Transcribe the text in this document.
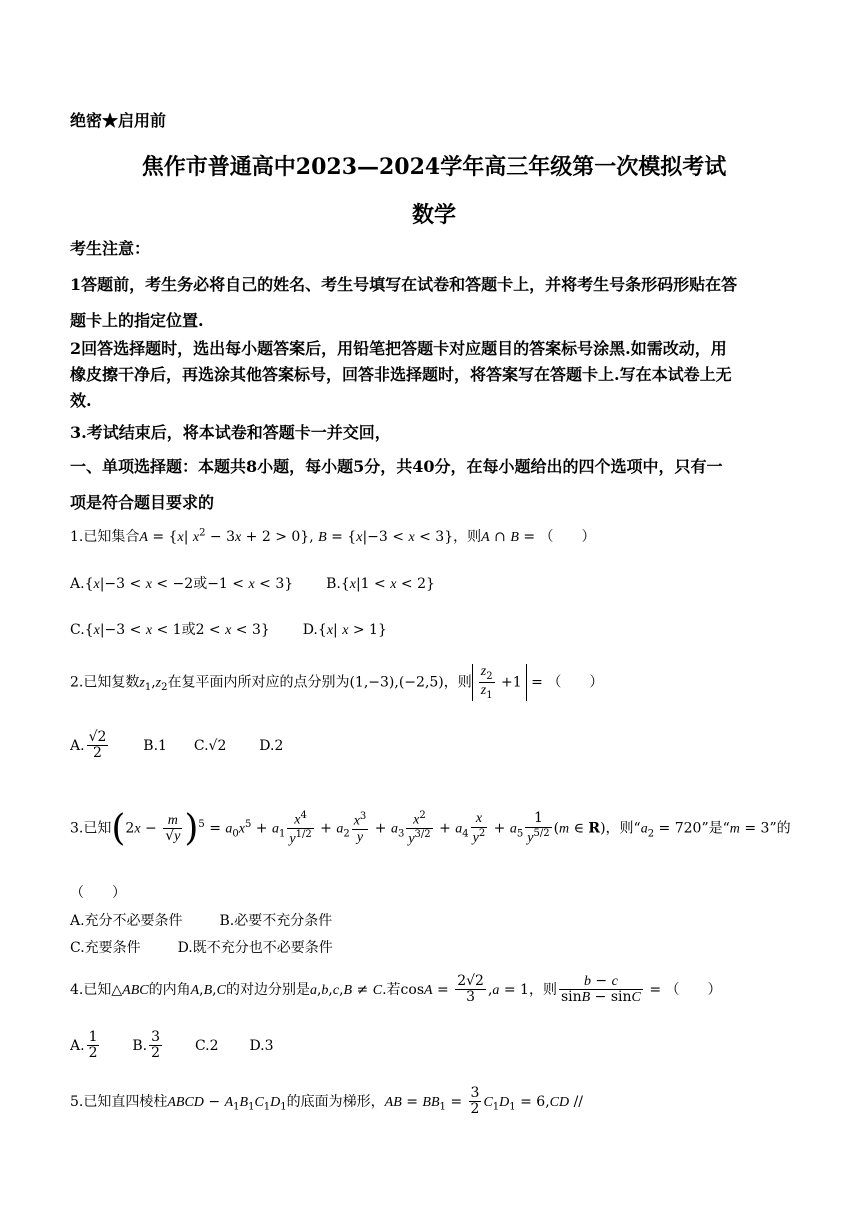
绝密★启用前
焦作市普通高中2023—2024学年高三年级第一次模拟考试
数学
考生注意：
1答题前，考生务必将自己的姓名、考生号填写在试卷和答题卡上，并将考生号条形码形贴在答
题卡上的指定位置.
2回答选择题时，选出每小题答案后，用铅笔把答题卡对应题目的答案标号涂黑.如需改动，用
橡皮擦干净后，再选涂其他答案标号，回答非选择题时，将答案写在答题卡上.写在本试卷上无
效.
3.考试结束后，将本试卷和答题卡一并交回，
一、单项选择题：本题共8小题，每小题5分，共40分，在每小题给出的四个选项中，只有一
项是符合题目要求的
1.已知集合A = {x| $x^2 - 3x + 2 > 0$}, B = {x|−3 < x < 3}，则A ∩ B = （　　）
A.{x|−3 < x < −2或−1 < x < 3}  B.{x|1 < x < 2}
C.{x|−3 < x < 1或2 < x < 3}  D.{x| x > 1}
2.已知复数$z_1,z_2$在复平面内所对应的点分别为(1,−3),(−2,5)，则 $\frac{z_2}{z_1} +1$ = （　　）
A. $\frac{√2}{2} B.1$ C.√2  D.2
3.已知$(2x - \frac{m}{√y} )^5 = a_0x^5 + a_1 \frac{x^4}{y^{1/2}} + a_2 \frac{x^3}{y} + a_3 \frac{x^2}{y^{3/2}} + a_4 \frac{x}{y^2} + a_5 \frac{1}{y^{5/2}} (m$ ∈ R)，则“$a_2 = 720$”是“m = 3”的
（　　）
A.充分不必要条件	B.必要不充分条件
C.充要条件	D.既不充分也不必要条件
4.已知△ABC的内角A,B,C的对边分别是a,b,c,B ≠ C.若$\cos A = \frac{2√2}{3} ,a = 1$，则 $\frac{b - c}{\sin B - \sin C}$ = （　　）
A. $\frac{1}{2} B$. $\frac{3}{2} C.2$ D.3
5.已知直四棱柱ABCD − $A_1B_1C_1D_1$的底面为梯形，AB = $BB_1 = \frac{3}{2} C_1D_1 = 6,CD$ //
